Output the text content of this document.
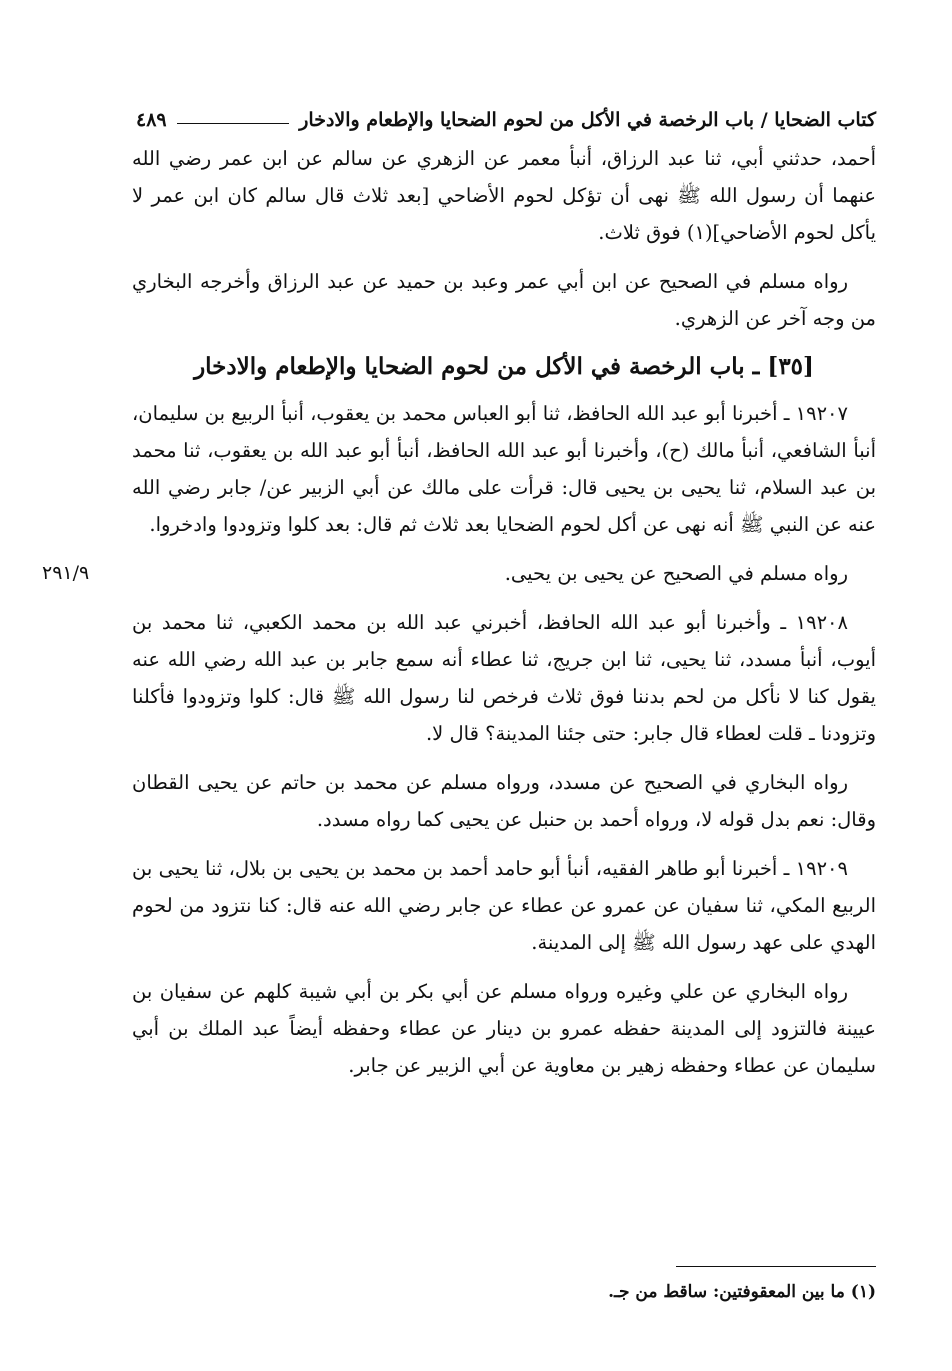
كتاب الضحايا / باب الرخصة في الأكل من لحوم الضحايا والإطعام والادخار
٤٨٩

أحمد، حدثني أبي، ثنا عبد الرزاق، أنبأ معمر عن الزهري عن سالم عن ابن عمر رضي الله عنهما أن رسول الله ﷺ نهى أن تؤكل لحوم الأضاحي [بعد ثلاث قال سالم كان ابن عمر لا يأكل لحوم الأضاحي](١) فوق ثلاث.

رواه مسلم في الصحيح عن ابن أبي عمر وعبد بن حميد عن عبد الرزاق وأخرجه البخاري من وجه آخر عن الزهري.

[٣٥] ـ باب الرخصة في الأكل من لحوم الضحايا والإطعام والادخار

١٩٢٠٧ ـ أخبرنا أبو عبد الله الحافظ، ثنا أبو العباس محمد بن يعقوب، أنبأ الربيع بن سليمان، أنبأ الشافعي، أنبأ مالك (ح)، وأخبرنا أبو عبد الله الحافظ، أنبأ أبو عبد الله بن يعقوب، ثنا محمد بن عبد السلام، ثنا يحيى بن يحيى قال: قرأت على مالك عن أبي الزبير عن/ جابر رضي الله عنه عن النبي ﷺ أنه نهى عن أكل لحوم الضحايا بعد ثلاث ثم قال: بعد كلوا وتزودوا وادخروا.

رواه مسلم في الصحيح عن يحيى بن يحيى.

١٩٢٠٨ ـ وأخبرنا أبو عبد الله الحافظ، أخبرني عبد الله بن محمد الكعبي، ثنا محمد بن أيوب، أنبأ مسدد، ثنا يحيى، ثنا ابن جريج، ثنا عطاء أنه سمع جابر بن عبد الله رضي الله عنه يقول كنا لا نأكل من لحم بدننا فوق ثلاث فرخص لنا رسول الله ﷺ قال: كلوا وتزودوا فأكلنا وتزودنا ـ قلت لعطاء قال جابر: حتى جئنا المدينة؟ قال لا.

رواه البخاري في الصحيح عن مسدد، ورواه مسلم عن محمد بن حاتم عن يحيى القطان وقال: نعم بدل قوله لا، ورواه أحمد بن حنبل عن يحيى كما رواه مسدد.

١٩٢٠٩ ـ أخبرنا أبو طاهر الفقيه، أنبأ أبو حامد أحمد بن محمد بن يحيى بن بلال، ثنا يحيى بن الربيع المكي، ثنا سفيان عن عمرو عن عطاء عن جابر رضي الله عنه قال: كنا نتزود من لحوم الهدي على عهد رسول الله ﷺ إلى المدينة.

رواه البخاري عن علي وغيره ورواه مسلم عن أبي بكر بن أبي شيبة كلهم عن سفيان بن عيينة فالتزود إلى المدينة حفظه عمرو بن دينار عن عطاء وحفظه أيضاً عبد الملك بن أبي سليمان عن عطاء وحفظه زهير بن معاوية عن أبي الزبير عن جابر.

٢٩١/٩
(١) ما بين المعقوفتين: ساقط من جـ.
